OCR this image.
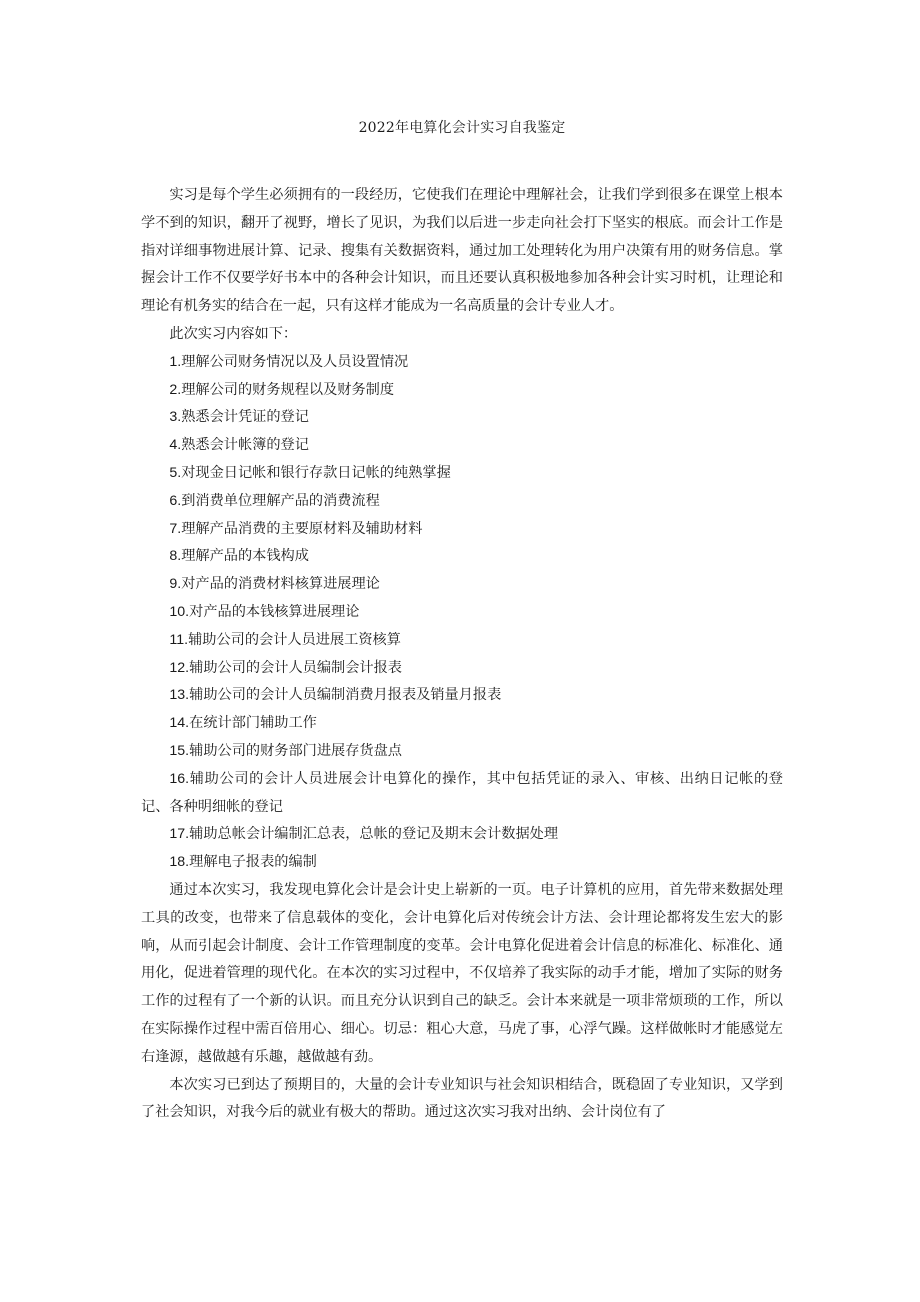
2022年电算化会计实习自我鉴定

实习是每个学生必须拥有的一段经历，它使我们在理论中理解社会，让我们学到很多在课堂上根本学不到的知识，翻开了视野，增长了见识，为我们以后进一步走向社会打下坚实的根底。而会计工作是指对详细事物进展计算、记录、搜集有关数据资料，通过加工处理转化为用户决策有用的财务信息。掌握会计工作不仅要学好书本中的各种会计知识，而且还要认真积极地参加各种会计实习时机，让理论和理论有机务实的结合在一起，只有这样才能成为一名高质量的会计专业人才。

此次实习内容如下：

1.理解公司财务情况以及人员设置情况
2.理解公司的财务规程以及财务制度
3.熟悉会计凭证的登记
4.熟悉会计帐簿的登记
5.对现金日记帐和银行存款日记帐的纯熟掌握
6.到消费单位理解产品的消费流程
7.理解产品消费的主要原材料及辅助材料
8.理解产品的本钱构成
9.对产品的消费材料核算进展理论
10.对产品的本钱核算进展理论
11.辅助公司的会计人员进展工资核算
12.辅助公司的会计人员编制会计报表
13.辅助公司的会计人员编制消费月报表及销量月报表
14.在统计部门辅助工作
15.辅助公司的财务部门进展存货盘点
16.辅助公司的会计人员进展会计电算化的操作，其中包括凭证的录入、审核、出纳日记帐的登记、各种明细帐的登记
17.辅助总帐会计编制汇总表，总帐的登记及期末会计数据处理
18.理解电子报表的编制

通过本次实习，我发现电算化会计是会计史上崭新的一页。电子计算机的应用，首先带来数据处理工具的改变，也带来了信息载体的变化，会计电算化后对传统会计方法、会计理论都将发生宏大的影响，从而引起会计制度、会计工作管理制度的变革。会计电算化促进着会计信息的标准化、标准化、通用化，促进着管理的现代化。在本次的实习过程中，不仅培养了我实际的动手才能，增加了实际的财务工作的过程有了一个新的认识。而且充分认识到自己的缺乏。会计本来就是一项非常烦琐的工作，所以在实际操作过程中需百倍用心、细心。切忌：粗心大意，马虎了事，心浮气躁。这样做帐时才能感觉左右逢源，越做越有乐趣，越做越有劲。

本次实习已到达了预期目的，大量的会计专业知识与社会知识相结合，既稳固了专业知识，又学到了社会知识，对我今后的就业有极大的帮助。通过这次实习我对出纳、会计岗位有了
